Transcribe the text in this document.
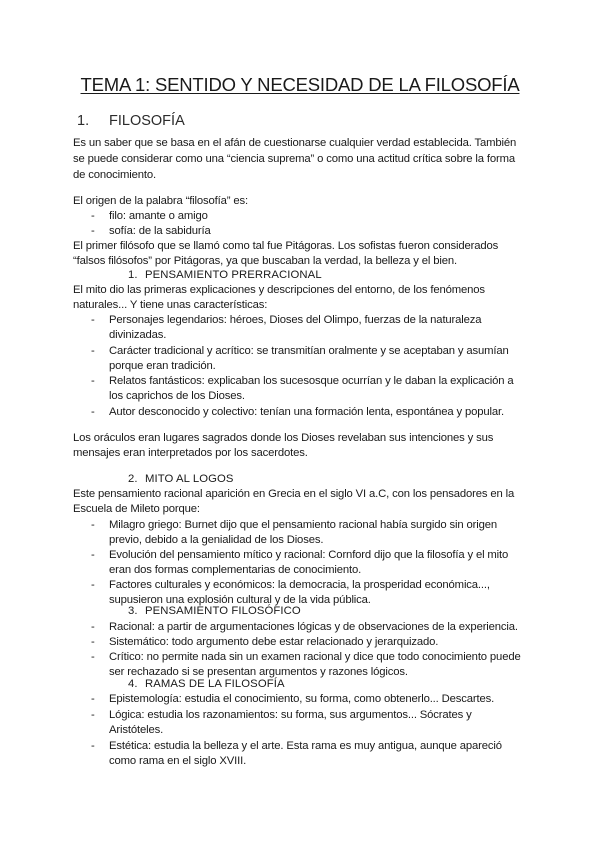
TEMA 1: SENTIDO Y NECESIDAD DE LA FILOSOFÍA
1. FILOSOFÍA
Es un saber que se basa en el afán de cuestionarse cualquier verdad establecida. También
se puede considerar como una “ciencia suprema” o como una actitud crítica sobre la forma
de conocimiento.
El origen de la palabra “filosofía” es:
- filo: amante o amigo
- sofía: de la sabiduría
El primer filósofo que se llamó como tal fue Pitágoras. Los sofistas fueron considerados
“falsos filósofos” por Pitágoras, ya que buscaban la verdad, la belleza y el bien.
1. PENSAMIENTO PRERRACIONAL
El mito dio las primeras explicaciones y descripciones del entorno, de los fenómenos
naturales... Y tiene unas características:
- Personajes legendarios: héroes, Dioses del Olimpo, fuerzas de la naturaleza
divinizadas.
- Carácter tradicional y acrítico: se transmitían oralmente y se aceptaban y asumían
porque eran tradición.
- Relatos fantásticos: explicaban los sucesosque ocurrían y le daban la explicación a
los caprichos de los Dioses.
- Autor desconocido y colectivo: tenían una formación lenta, espontánea y popular.
Los oráculos eran lugares sagrados donde los Dioses revelaban sus intenciones y sus
mensajes eran interpretados por los sacerdotes.
2. MITO AL LOGOS
Este pensamiento racional aparición en Grecia en el siglo VI a.C, con los pensadores en la
Escuela de Mileto porque:
- Milagro griego: Burnet dijo que el pensamiento racional había surgido sin origen
previo, debido a la genialidad de los Dioses.
- Evolución del pensamiento mítico y racional: Cornford dijo que la filosofía y el mito
eran dos formas complementarias de conocimiento.
- Factores culturales y económicos: la democracia, la prosperidad económica...,
supusieron una explosión cultural y de la vida pública.
3. PENSAMIENTO FILOSÓFICO
- Racional: a partir de argumentaciones lógicas y de observaciones de la experiencia.
- Sistemático: todo argumento debe estar relacionado y jerarquizado.
- Crítico: no permite nada sin un examen racional y dice que todo conocimiento puede
ser rechazado si se presentan argumentos y razones lógicos.
4. RAMAS DE LA FILOSOFÍA
- Epistemología: estudia el conocimiento, su forma, como obtenerlo... Descartes.
- Lógica: estudia los razonamientos: su forma, sus argumentos... Sócrates y
Aristóteles.
- Estética: estudia la belleza y el arte. Esta rama es muy antigua, aunque apareció
como rama en el siglo XVIII.
